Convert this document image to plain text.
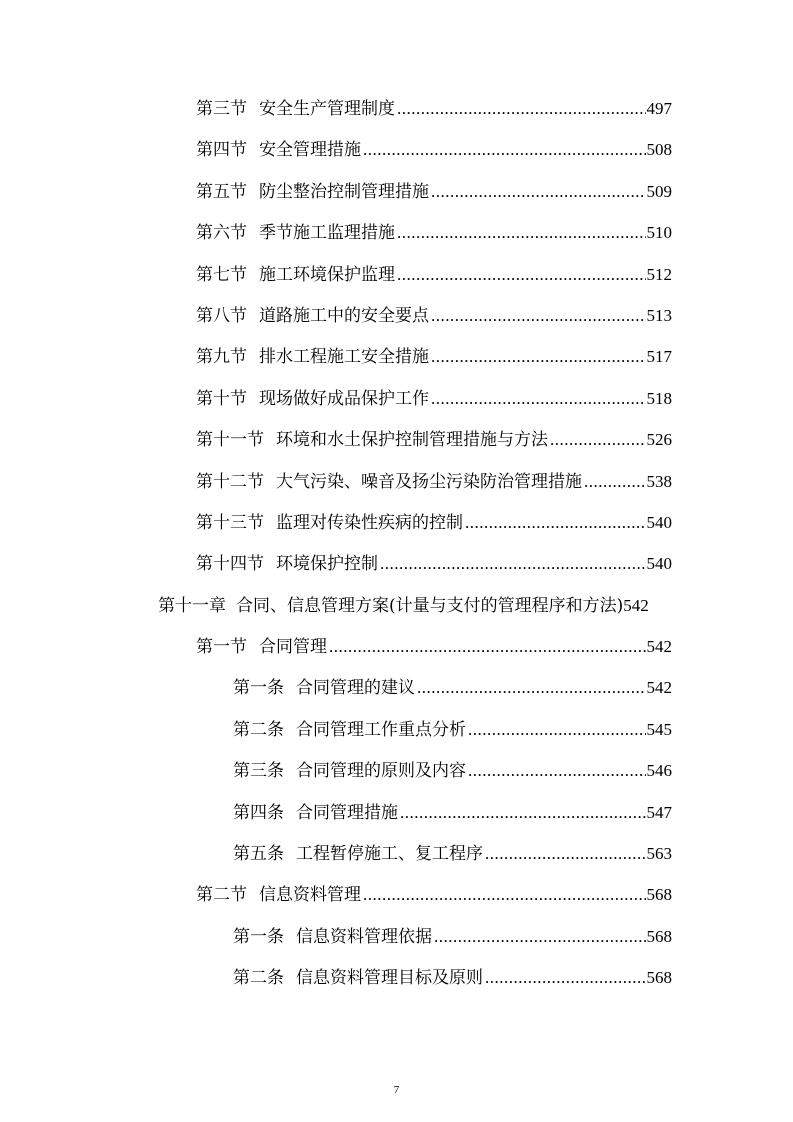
第三节 安全生产管理制度 .....	497
第四节 安全管理措施 .....	508
第五节 防尘整治控制管理措施 .....	509
第六节 季节施工监理措施 .....	510
第七节 施工环境保护监理 .....	512
第八节 道路施工中的安全要点 .....	513
第九节 排水工程施工安全措施 .....	517
第十节 现场做好成品保护工作 .....	518
第十一节 环境和水土保护控制管理措施与方法 .....	526
第十二节 大气污染、噪音及扬尘污染防治管理措施 .....	538
第十三节 监理对传染性疾病的控制 .....	540
第十四节 环境保护控制 .....	540
第十一章 合同、信息管理方案(计量与支付的管理程序和方法) 542
第一节 合同管理 .....	542
第一条 合同管理的建议 .....	542
第二条 合同管理工作重点分析 .....	545
第三条 合同管理的原则及内容 .....	546
第四条 合同管理措施 .....	547
第五条 工程暂停施工、复工程序 .....	563
第二节 信息资料管理 .....	568
第一条 信息资料管理依据 .....	568
第二条 信息资料管理目标及原则 .....	568
7
